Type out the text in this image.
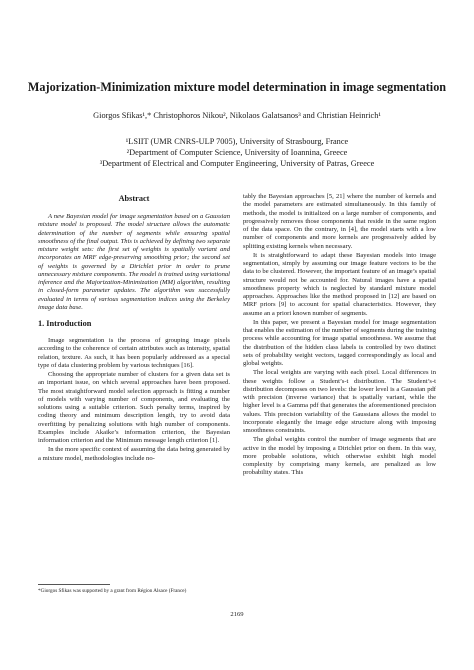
Majorization-Minimization mixture model determination in image segmentation
Giorgos Sfikas¹,* Christophoros Nikou², Nikolaos Galatsanos³ and Christian Heinrich¹
¹LSIIT (UMR CNRS-ULP 7005), University of Strasbourg, France
²Department of Computer Science, University of Ioannina, Greece
³Department of Electrical and Computer Engineering, University of Patras, Greece
Abstract

A new Bayesian model for image segmentation based on a Gaussian mixture model is proposed. The model structure allows the automatic determination of the number of segments while ensuring spatial smoothness of the final output. This is achieved by defining two separate mixture weight sets: the first set of weights is spatially variant and incorporates an MRF edge-preserving smoothing prior; the second set of weights is governed by a Dirichlet prior in order to prune unnecessary mixture components. The model is trained using variational inference and the Majorization-Minimization (MM) algorithm, resulting in closed-form parameter updates. The algorithm was successfully evaluated in terms of various segmentation indices using the Berkeley image data base.

1. Introduction

Image segmentation is the process of grouping image pixels according to the coherence of certain attributes such as intensity, spatial relation, texture. As such, it has been popularly addressed as a special type of data clustering problem by various techniques [16].

Choosing the appropriate number of clusters for a given data set is an important issue, on which several approaches have been proposed. The most straightforward model selection approach is fitting a number of models with varying number of components, and evaluating the solutions using a suitable criterion. Such penalty terms, inspired by coding theory and minimum description length, try to avoid data overfitting by penalizing solutions with high number of components. Examples include Akaike’s information criterion, the Bayesian information criterion and the Minimum message length criterion [1].

In the more specific context of assuming the data being generated by a mixture model, methodologies include no-

tably the Bayesian approaches [5, 21] where the number of kernels and the model parameters are estimated simultaneously. In this family of methods, the model is initialized on a large number of components, and progressively removes those components that reside in the same region of the data space. On the contrary, in [4], the model starts with a low number of components and more kernels are progressively added by splitting existing kernels when necessary.

It is straightforward to adapt these Bayesian models into image segmentation, simply by assuming our image feature vectors to be the data to be clustered. However, the important feature of an image’s spatial structure would not be accounted for. Natural images have a spatial smoothness property which is neglected by standard mixture model approaches. Approaches like the method proposed in [12] are based on MRF priors [9] to account for spatial characteristics. However, they assume an a priori known number of segments.

In this paper, we present a Bayesian model for image segmentation that enables the estimation of the number of segments during the training process while accounting for image spatial smoothness. We assume that the distribution of the hidden class labels is controlled by two distinct sets of probability weight vectors, tagged correspondingly as local and global weights.

The local weights are varying with each pixel. Local differences in these weights follow a Student’s-t distribution. The Student’s-t distribution decomposes on two levels: the lower level is a Gaussian pdf with precision (inverse variance) that is spatially variant, while the higher level is a Gamma pdf that generates the aforementioned precision values. This precision variability of the Gaussians allows the model to incorporate elegantly the image edge structure along with imposing smoothness constraints.

The global weights control the number of image segments that are active in the model by imposing a Dirichlet prior on them. In this way, more probable solutions, which otherwise exhibit high model complexity by comprising many kernels, are penalized as low probability states. This

*Giorgos Sfikas was supported by a grant from Région Alsace (France)
2169
